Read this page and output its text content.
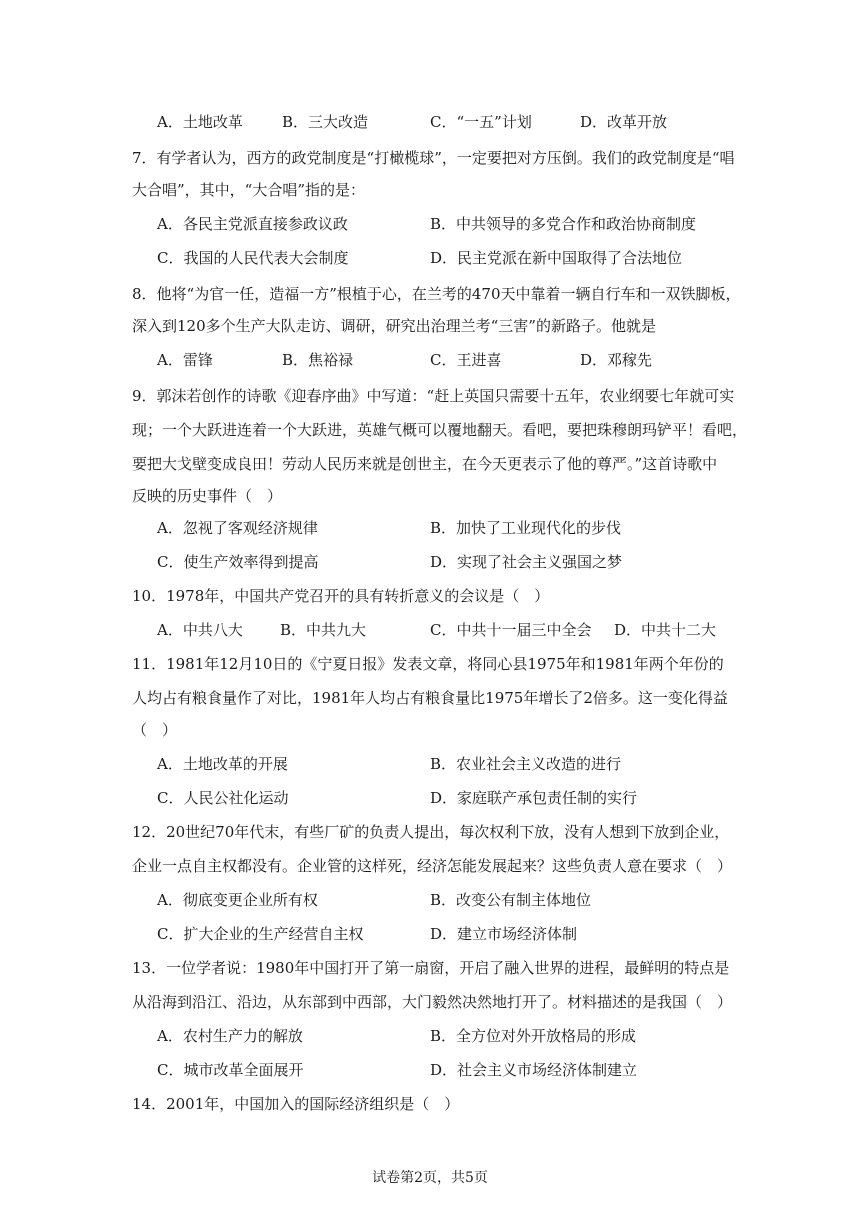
A．土地改革	B．三大改造	C．“一五”计划	D．改革开放
7．有学者认为，西方的政党制度是“打橄榄球”，一定要把对方压倒。我们的政党制度是“唱
大合唱”，其中，“大合唱”指的是：
A．各民主党派直接参政议政	B．中共领导的多党合作和政治协商制度
C．我国的人民代表大会制度	D．民主党派在新中国取得了合法地位
8．他将“为官一任，造福一方”根植于心，在兰考的470天中靠着一辆自行车和一双铁脚板，
深入到120多个生产大队走访、调研，研究出治理兰考“三害”的新路子。他就是
A．雷锋	B．焦裕禄	C．王进喜	D．邓稼先
9．郭沫若创作的诗歌《迎春序曲》中写道：“赶上英国只需要十五年，农业纲要七年就可实
现；一个大跃进连着一个大跃进，英雄气概可以覆地翻天。看吧，要把珠穆朗玛铲平！看吧，
要把大戈壁变成良田！劳动人民历来就是创世主，在今天更表示了他的尊严。”这首诗歌中
反映的历史事件（　）
A．忽视了客观经济规律	B．加快了工业现代化的步伐
C．使生产效率得到提高	D．实现了社会主义强国之梦
10．1978年，中国共产党召开的具有转折意义的会议是（　）
A．中共八大 B．中共九大	C．中共十一届三中全会 D．中共十二大
11．1981年12月10日的《宁夏日报》发表文章，将同心县1975年和1981年两个年份的
人均占有粮食量作了对比，1981年人均占有粮食量比1975年增长了2倍多。这一变化得益
（　）
A．土地改革的开展	B．农业社会主义改造的进行
C．人民公社化运动	D．家庭联产承包责任制的实行
12．20世纪70年代末，有些厂矿的负责人提出，每次权利下放，没有人想到下放到企业，
企业一点自主权都没有。企业管的这样死，经济怎能发展起来？这些负责人意在要求（　）
A．彻底变更企业所有权	B．改变公有制主体地位
C．扩大企业的生产经营自主权	D．建立市场经济体制
13．一位学者说：1980年中国打开了第一扇窗，开启了融入世界的进程，最鲜明的特点是
从沿海到沿江、沿边，从东部到中西部，大门毅然决然地打开了。材料描述的是我国（　）
A．农村生产力的解放	B．全方位对外开放格局的形成
C．城市改革全面展开	D．社会主义市场经济体制建立
14．2001年，中国加入的国际经济组织是（　）
试卷第2页，共5页
